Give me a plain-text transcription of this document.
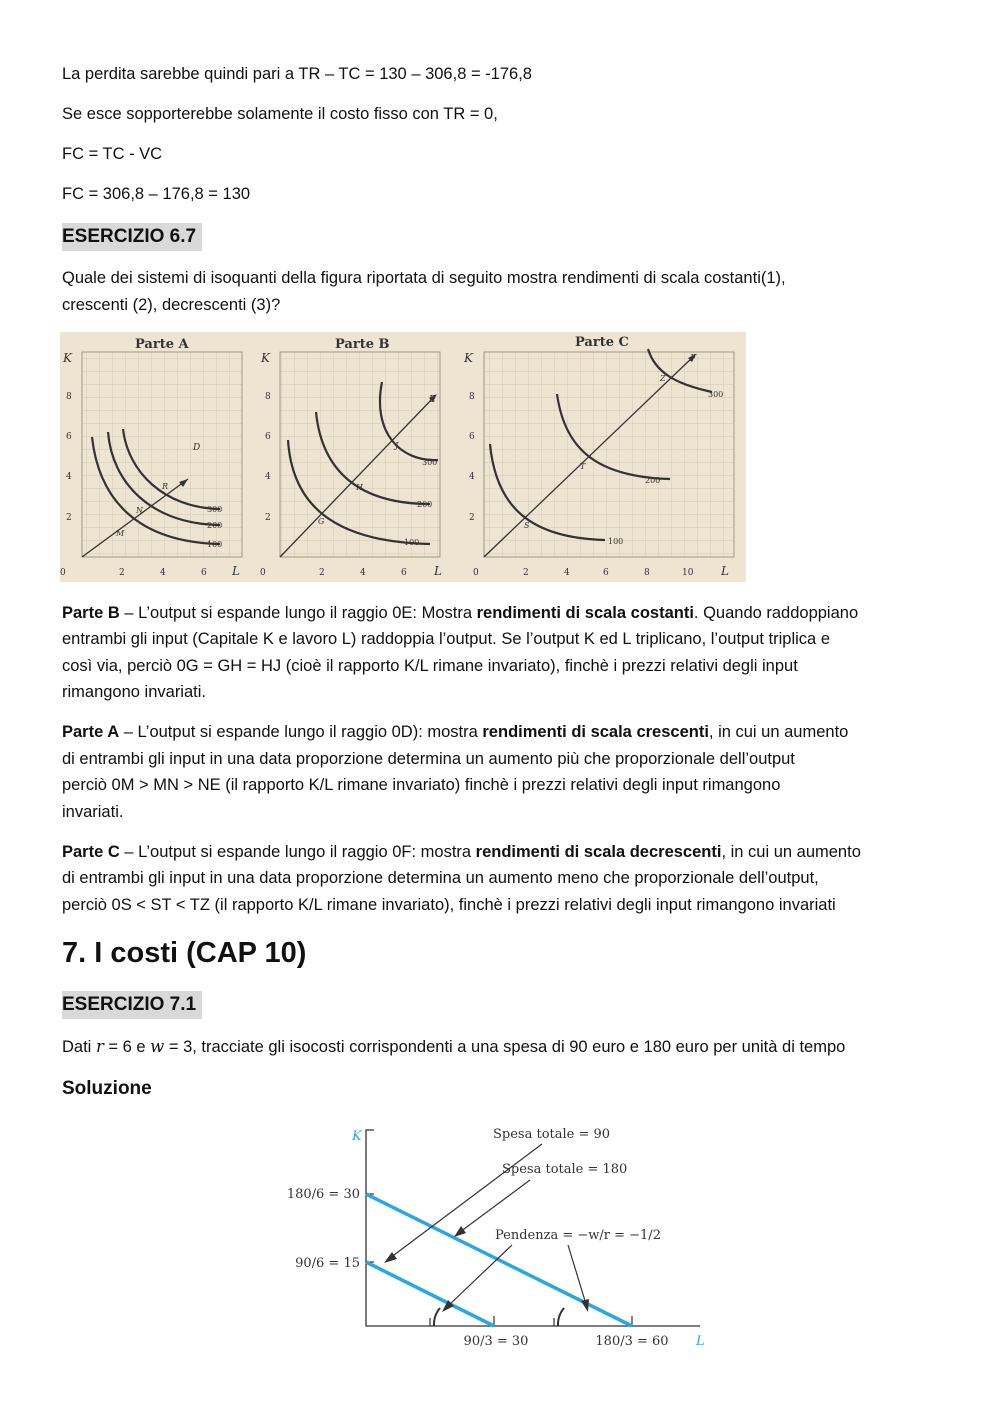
La perdita sarebbe quindi pari a TR – TC = 130 – 306,8 = -176,8
Se esce sopporterebbe solamente il costo fisso con TR = 0,
FC = TC - VC
FC = 306,8 – 176,8 = 130
ESERCIZIO 6.7
Quale dei sistemi di isoquanti della figura riportata di seguito mostra rendimenti di scala costanti(1),
crescenti (2), decrescenti (3)?
Parte A
K
8
6
4
2
0	2	4	6 L
D
100
200
300
M
N
R
Parte B
K
8
6
4
2
0	2	4	6 L
E
100
200
300
G
H
J
Parte C
K
8
6
4
2
0	2	4	6	8	10 L
F
100
200
300
S
T
Z
Parte B – L’output si espande lungo il raggio 0E: Mostra rendimenti di scala costanti. Quando raddoppiano
entrambi gli input (Capitale K e lavoro L) raddoppia l’output. Se l’output K ed L triplicano, l’output triplica e
così via, perciò 0G = GH = HJ (cioè il rapporto K/L rimane invariato), finchè i prezzi relativi degli input
rimangono invariati.
Parte A – L’output si espande lungo il raggio 0D): mostra rendimenti di scala crescenti, in cui un aumento
di entrambi gli input in una data proporzione determina un aumento più che proporzionale dell’output
perciò 0M > MN > NE (il rapporto K/L rimane invariato) finchè i prezzi relativi degli input rimangono
invariati.
Parte C – L’output si espande lungo il raggio 0F: mostra rendimenti di scala decrescenti, in cui un aumento
di entrambi gli input in una data proporzione determina un aumento meno che proporzionale dell’output,
perciò 0S < ST < TZ (il rapporto K/L rimane invariato), finchè i prezzi relativi degli input rimangono invariati
7. I costi (CAP 10)
ESERCIZIO 7.1
Dati r = 6 e w = 3, tracciate gli isocosti corrispondenti a una spesa di 90 euro e 180 euro per unità di tempo
Soluzione
K
L
180/6 = 30
90/6 = 15
90/3 = 30	180/3 = 60
Spesa totale = 90
Spesa totale = 180
Pendenza = −w/r = −1/2
